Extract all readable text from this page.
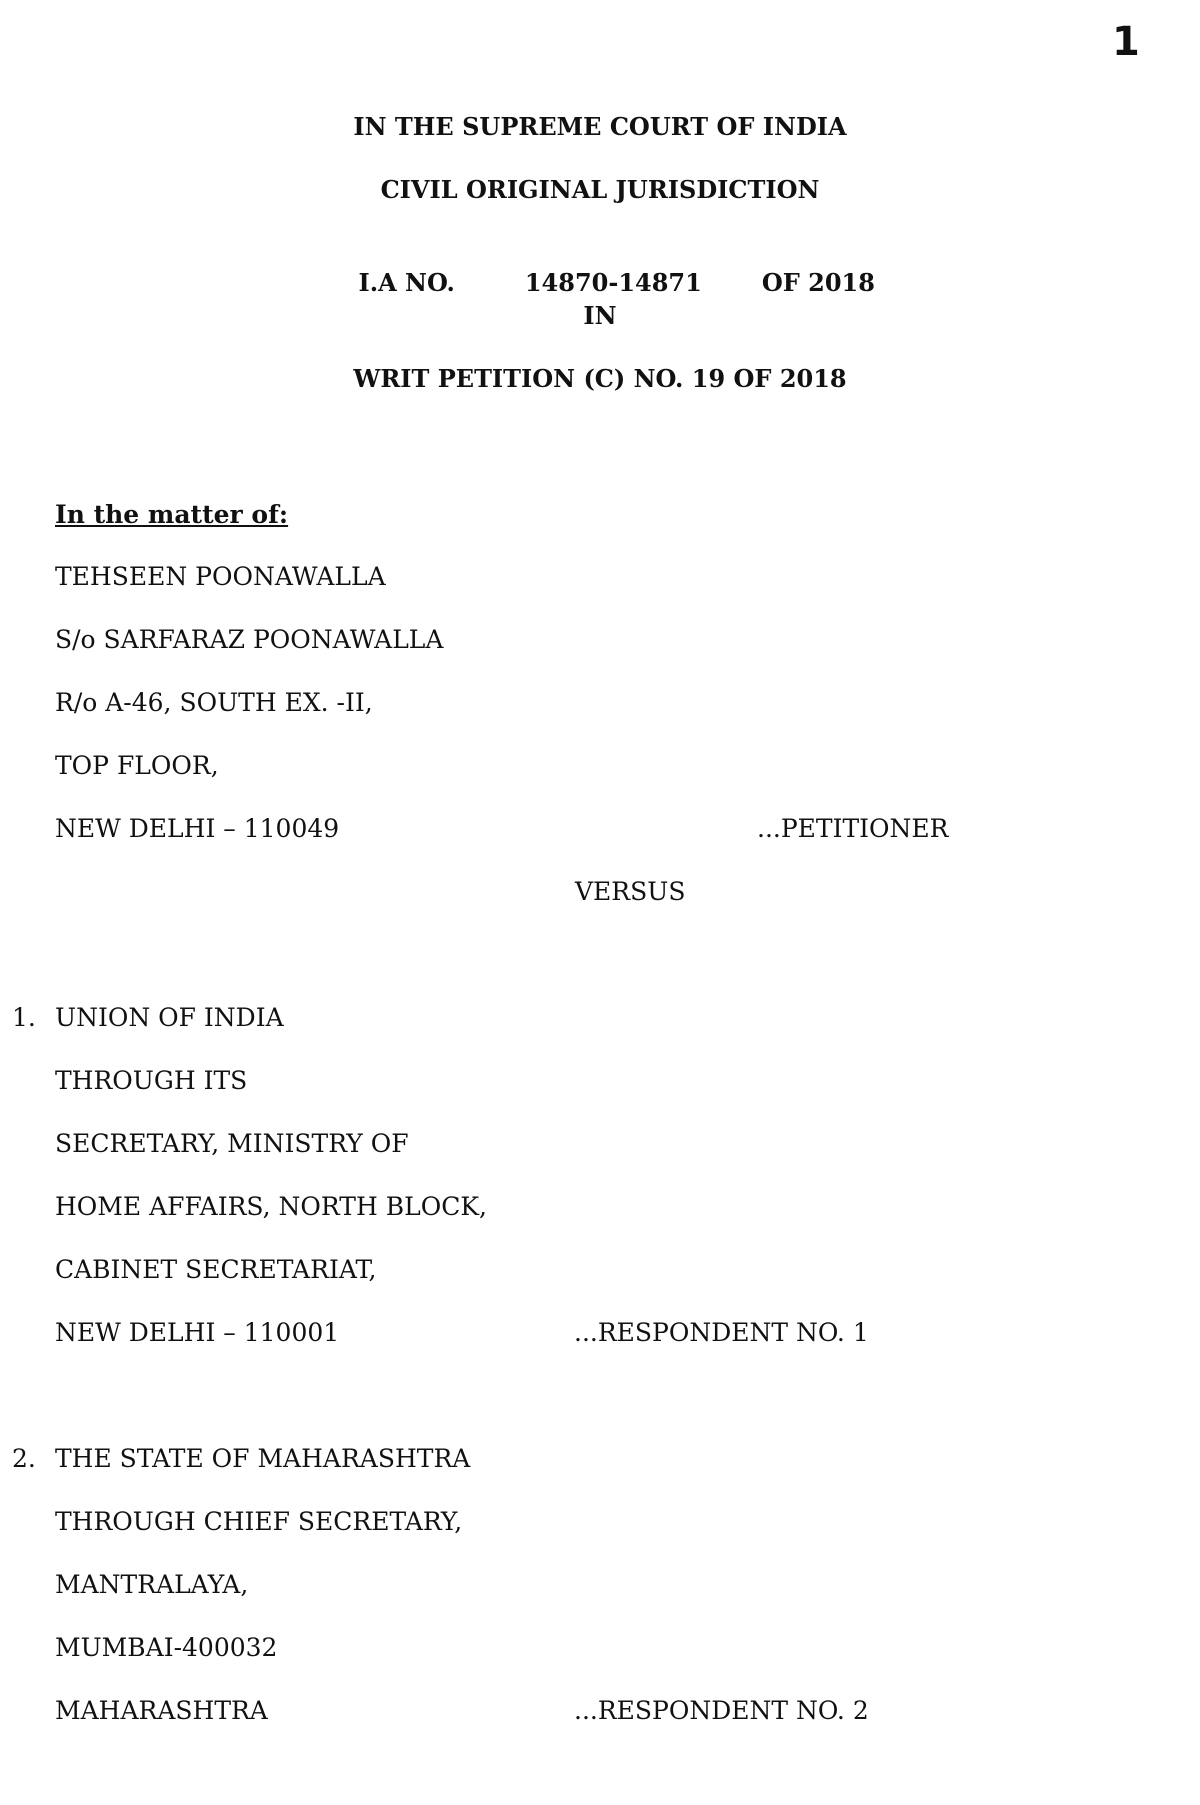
1
IN THE SUPREME COURT OF INDIA
CIVIL ORIGINAL JURISDICTION

I.A NO.	14870-14871	OF 2018

IN
WRIT PETITION (C) NO. 19 OF 2018
In the matter of:
TEHSEEN POONAWALLA
S/o SARFARAZ POONAWALLA
R/o A-46, SOUTH EX. -II,
TOP FLOOR,
NEW DELHI – 110049	...PETITIONER
VERSUS
1. UNION OF INDIA
THROUGH ITS
SECRETARY, MINISTRY OF
HOME AFFAIRS, NORTH BLOCK,
CABINET SECRETARIAT,
NEW DELHI – 110001	...RESPONDENT NO. 1
2. THE STATE OF MAHARASHTRA
THROUGH CHIEF SECRETARY,
MANTRALAYA,
MUMBAI-400032
MAHARASHTRA	...RESPONDENT NO. 2
